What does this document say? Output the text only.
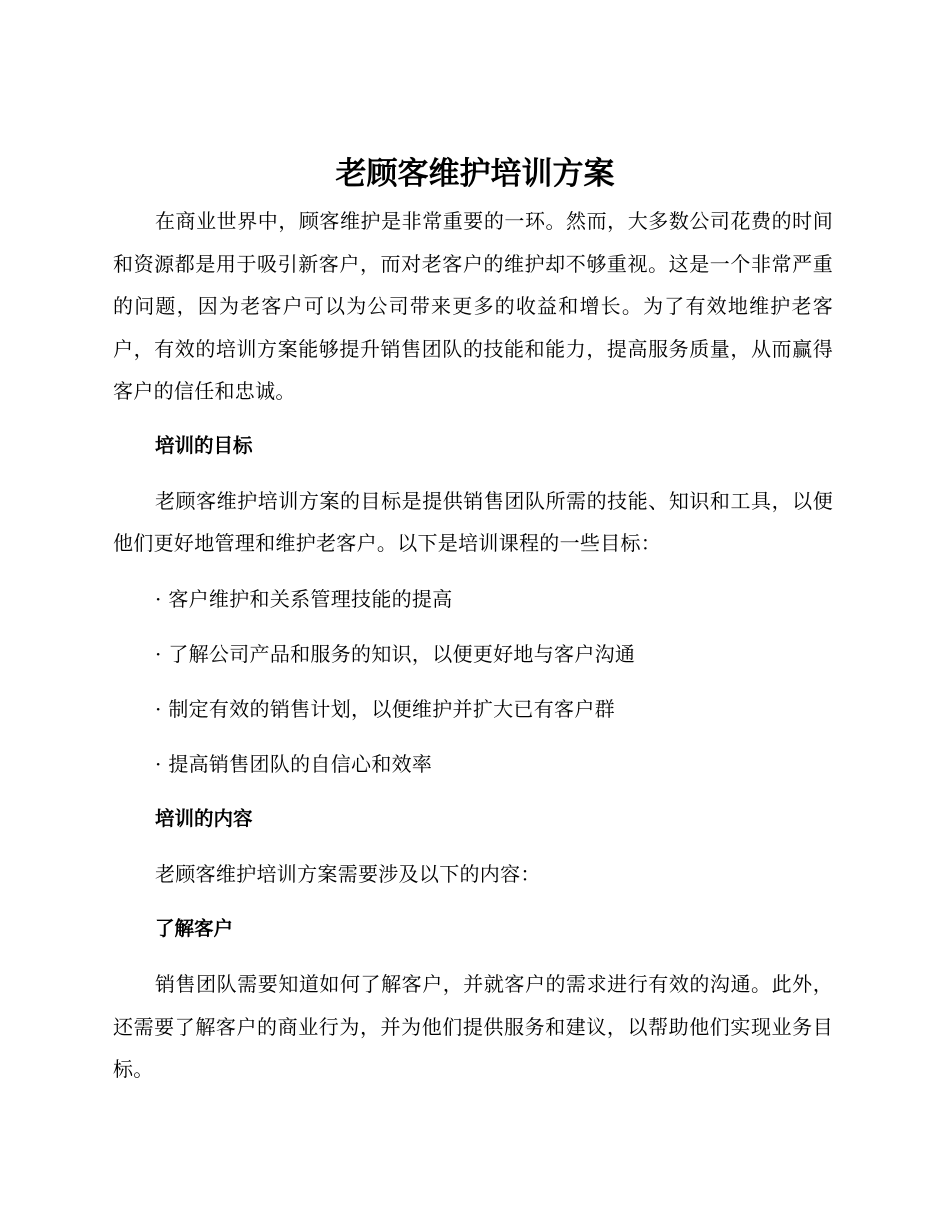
老顾客维护培训方案

在商业世界中，顾客维护是非常重要的一环。然而，大多数公司花费的时间和资源都是用于吸引新客户，而对老客户的维护却不够重视。这是一个非常严重的问题，因为老客户可以为公司带来更多的收益和增长。为了有效地维护老客户，有效的培训方案能够提升销售团队的技能和能力，提高服务质量，从而赢得客户的信任和忠诚。

培训的目标

老顾客维护培训方案的目标是提供销售团队所需的技能、知识和工具，以便他们更好地管理和维护老客户。以下是培训课程的一些目标：

· 客户维护和关系管理技能的提高
· 了解公司产品和服务的知识，以便更好地与客户沟通
· 制定有效的销售计划，以便维护并扩大已有客户群
· 提高销售团队的自信心和效率
培训的内容

老顾客维护培训方案需要涉及以下的内容：

了解客户

销售团队需要知道如何了解客户，并就客户的需求进行有效的沟通。此外，还需要了解客户的商业行为，并为他们提供服务和建议，以帮助他们实现业务目标。
